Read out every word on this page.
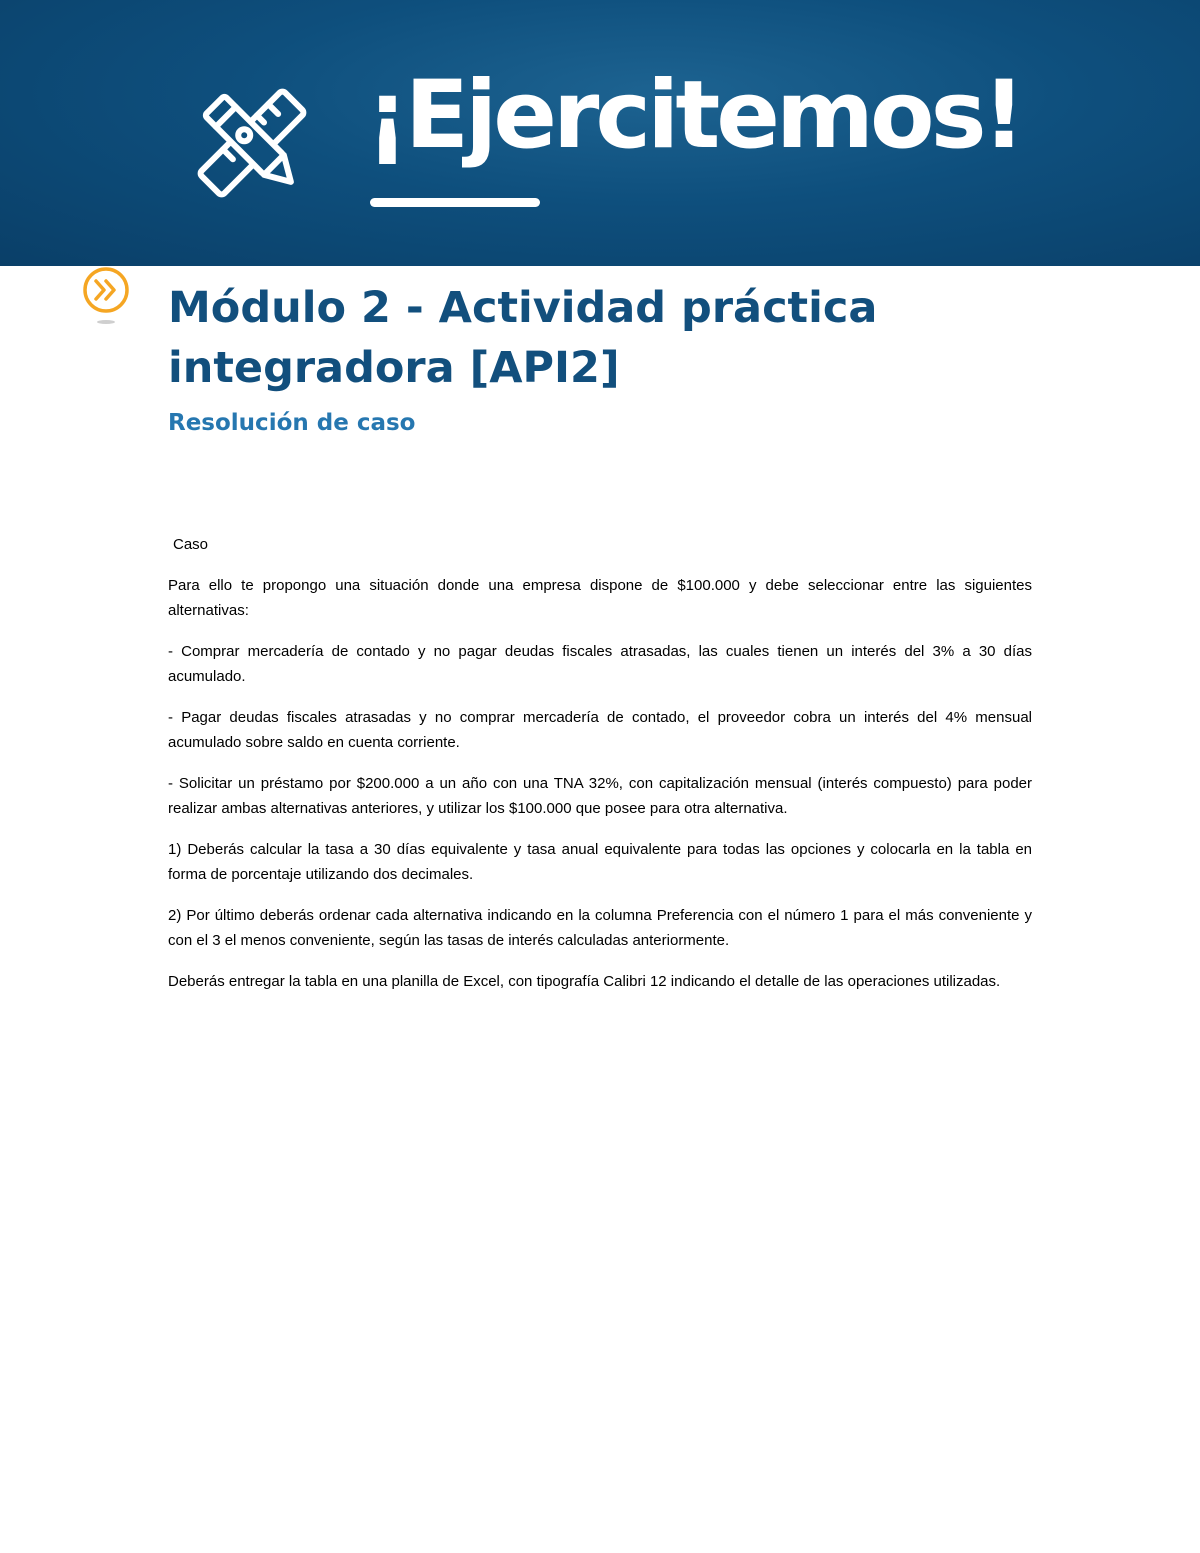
¡Ejercitemos!
Módulo 2 - Actividad práctica integradora [API2]
Resolución de caso

Caso

Para ello te propongo una situación donde una empresa dispone de $100.000 y debe seleccionar entre las siguientes alternativas:

- Comprar mercadería de contado y no pagar deudas fiscales atrasadas, las cuales tienen un interés del 3% a 30 días acumulado.

- Pagar deudas fiscales atrasadas y no comprar mercadería de contado, el proveedor cobra un interés del 4% mensual acumulado sobre saldo en cuenta corriente.

- Solicitar un préstamo por $200.000 a un año con una TNA 32%, con capitalización mensual (interés compuesto) para poder realizar ambas alternativas anteriores, y utilizar los $100.000 que posee para otra alternativa.

1) Deberás calcular la tasa a 30 días equivalente y tasa anual equivalente para todas las opciones y colocarla en la tabla en forma de porcentaje utilizando dos decimales.

2) Por último deberás ordenar cada alternativa indicando en la columna Preferencia con el número 1 para el más conveniente y con el 3 el menos conveniente, según las tasas de interés calculadas anteriormente.

Deberás entregar la tabla en una planilla de Excel, con tipografía Calibri 12 indicando el detalle de las operaciones utilizadas.
